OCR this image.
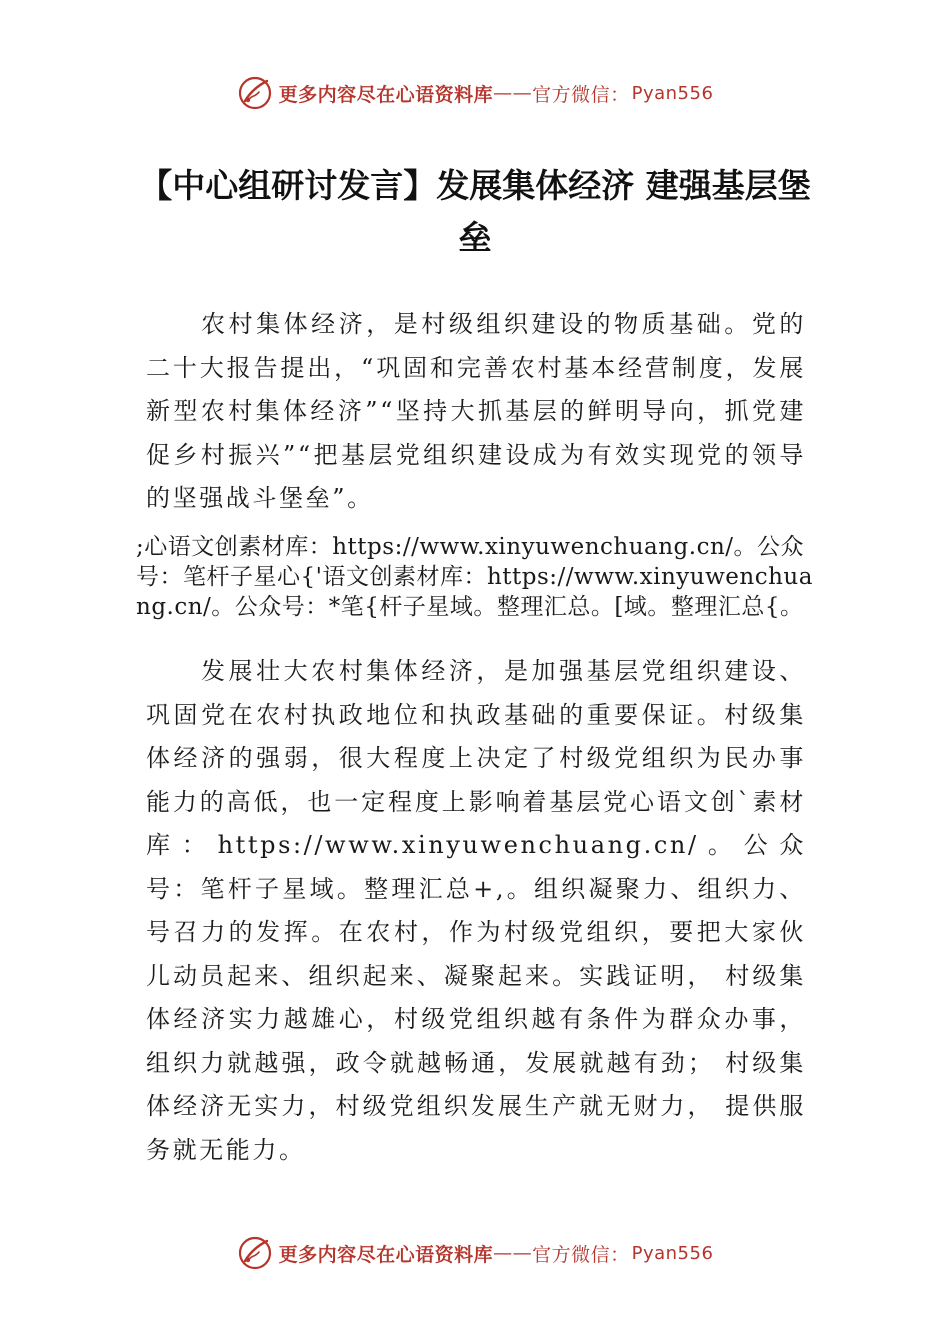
更多内容尽在心语资料库 —— 官方微信： Pyan556
【中心组研讨发言】发展集体经济 建强基层堡垒

农村集体经济，是村级组织建设的物质基础。党的二十大报告提出，“巩固和完善农村基本经营制度，发展新型农村集体经济”“坚持大抓基层的鲜明导向，抓党建促乡村振兴”“把基层党组织建设成为有效实现党的领导的坚强战斗堡垒”。

;心语文创素材库：https://www.xinyuwenchuang.cn/。公众号：笔杆子星心{'语文创素材库：https://www.xinyuwenchuang.cn/。公众号：*笔{杆子星域。整理汇总。[域。整理汇总{。

发展壮大农村集体经济，是加强基层党组织建设、巩固党在农村执政地位和执政基础的重要保证。村级集体经济的强弱，很大程度上决定了村级党组织为民办事能力的高低，也一定程度上影响着基层党心语文创`素材库：https://www.xinyuwenchuang.cn/。公众号：笔杆子星域。整理汇总+,。组织凝聚力、组织力、号召力的发挥。在农村，作为村级党组织，要把大家伙儿动员起来、组织起来、凝聚起来。实践证明， 村级集体经济实力越雄心，村级党组织越有条件为群众办事，组织力就越强，政令就越畅通，发展就越有劲； 村级集体经济无实力，村级党组织发展生产就无财力， 提供服务就无能力。

更多内容尽在心语资料库 —— 官方微信： Pyan556
